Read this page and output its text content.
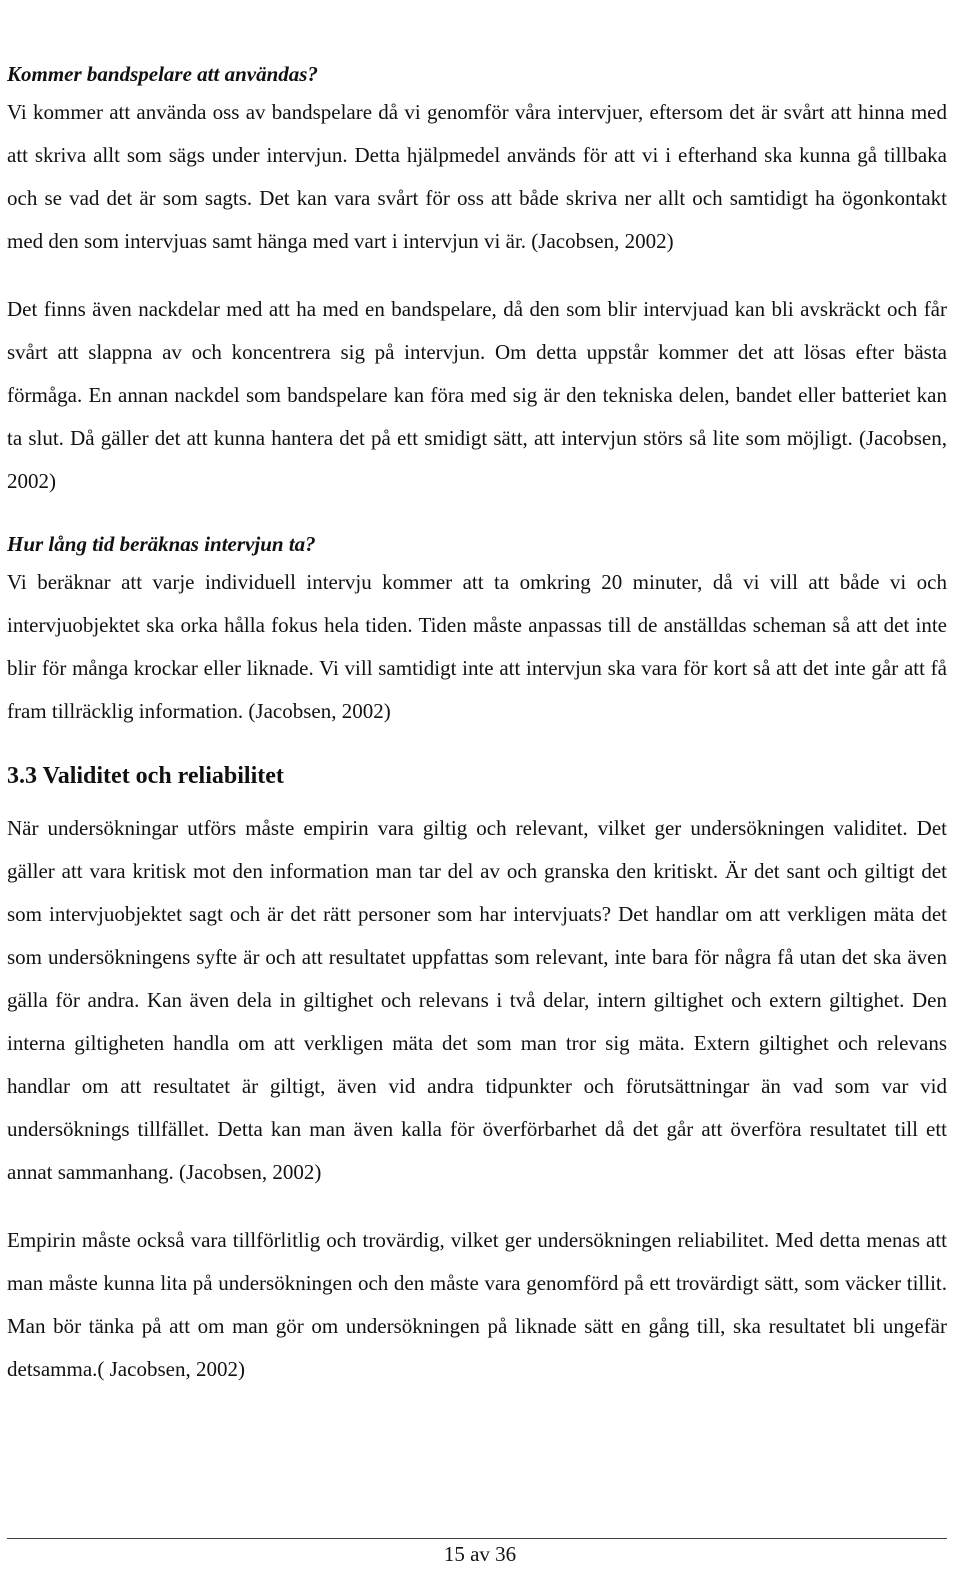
Kommer bandspelare att användas?

Vi kommer att använda oss av bandspelare då vi genomför våra intervjuer, eftersom det är svårt att hinna med att skriva allt som sägs under intervjun. Detta hjälpmedel används för att vi i efterhand ska kunna gå tillbaka och se vad det är som sagts. Det kan vara svårt för oss att både skriva ner allt och samtidigt ha ögonkontakt med den som intervjuas samt hänga med vart i intervjun vi är. (Jacobsen, 2002)

Det finns även nackdelar med att ha med en bandspelare, då den som blir intervjuad kan bli avskräckt och får svårt att slappna av och koncentrera sig på intervjun. Om detta uppstår kommer det att lösas efter bästa förmåga. En annan nackdel som bandspelare kan föra med sig är den tekniska delen, bandet eller batteriet kan ta slut. Då gäller det att kunna hantera det på ett smidigt sätt, att intervjun störs så lite som möjligt. (Jacobsen, 2002)

Hur lång tid beräknas intervjun ta?

Vi beräknar att varje individuell intervju kommer att ta omkring 20 minuter, då vi vill att både vi och intervjuobjektet ska orka hålla fokus hela tiden. Tiden måste anpassas till de anställdas scheman så att det inte blir för många krockar eller liknade. Vi vill samtidigt inte att intervjun ska vara för kort så att det inte går att få fram tillräcklig information. (Jacobsen, 2002)

3.3 Validitet och reliabilitet

När undersökningar utförs måste empirin vara giltig och relevant, vilket ger undersökningen validitet. Det gäller att vara kritisk mot den information man tar del av och granska den kritiskt. Är det sant och giltigt det som intervjuobjektet sagt och är det rätt personer som har intervjuats? Det handlar om att verkligen mäta det som undersökningens syfte är och att resultatet uppfattas som relevant, inte bara för några få utan det ska även gälla för andra. Kan även dela in giltighet och relevans i två delar, intern giltighet och extern giltighet. Den interna giltigheten handla om att verkligen mäta det som man tror sig mäta. Extern giltighet och relevans handlar om att resultatet är giltigt, även vid andra tidpunkter och förutsättningar än vad som var vid undersöknings tillfället. Detta kan man även kalla för överförbarhet då det går att överföra resultatet till ett annat sammanhang. (Jacobsen, 2002)

Empirin måste också vara tillförlitlig och trovärdig, vilket ger undersökningen reliabilitet. Med detta menas att man måste kunna lita på undersökningen och den måste vara genomförd på ett trovärdigt sätt, som väcker tillit. Man bör tänka på att om man gör om undersökningen på liknade sätt en gång till, ska resultatet bli ungefär detsamma.( Jacobsen, 2002)

15 av 36
